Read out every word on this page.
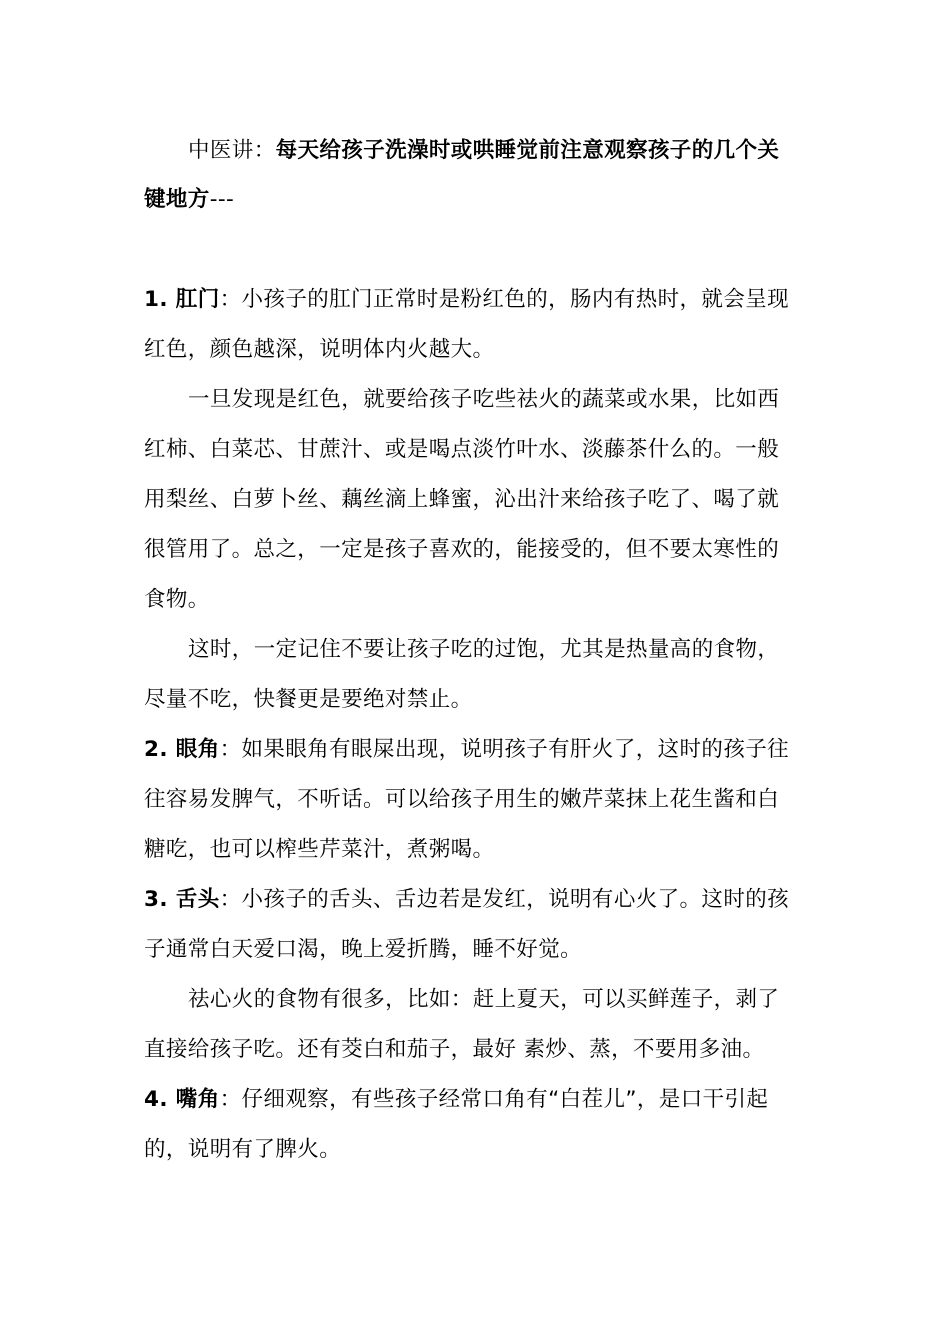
中医讲：每天给孩子洗澡时或哄睡觉前注意观察孩子的几个关
键地方---
1. 肛门：小孩子的肛门正常时是粉红色的，肠内有热时，就会呈现
红色，颜色越深，说明体内火越大。
一旦发现是红色，就要给孩子吃些祛火的蔬菜或水果，比如西
红柿、白菜芯、甘蔗汁、或是喝点淡竹叶水、淡藤茶什么的。一般
用梨丝、白萝卜丝、藕丝滴上蜂蜜，沁出汁来给孩子吃了、喝了就
很管用了。总之，一定是孩子喜欢的，能接受的，但不要太寒性的
食物。
这时，一定记住不要让孩子吃的过饱，尤其是热量高的食物，
尽量不吃，快餐更是要绝对禁止。
2. 眼角：如果眼角有眼屎出现，说明孩子有肝火了，这时的孩子往
往容易发脾气，不听话。可以给孩子用生的嫩芹菜抹上花生酱和白
糖吃，也可以榨些芹菜汁，煮粥喝。
3. 舌头：小孩子的舌头、舌边若是发红，说明有心火了。这时的孩
子通常白天爱口渴，晚上爱折腾，睡不好觉。
祛心火的食物有很多，比如：赶上夏天，可以买鲜莲子，剥了
直接给孩子吃。还有茭白和茄子，最好 素炒、蒸，不要用多油。
4. 嘴角：仔细观察，有些孩子经常口角有“白茬儿”，是口干引起
的，说明有了脾火。
